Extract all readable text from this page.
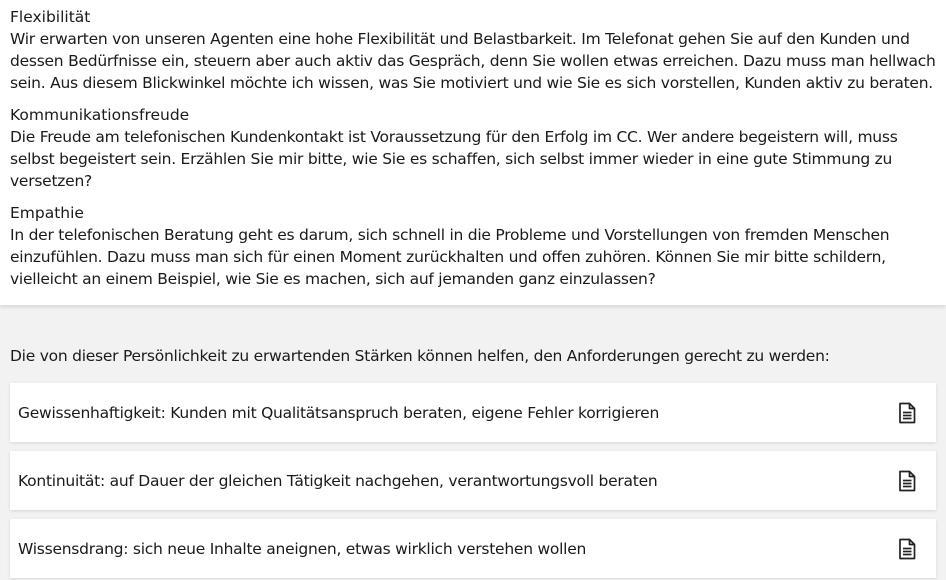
Flexibilität

Wir erwarten von unseren Agenten eine hohe Flexibilität und Belastbarkeit. Im Telefonat gehen Sie auf den Kunden und dessen Bedürfnisse ein, steuern aber auch aktiv das Gespräch, denn Sie wollen etwas erreichen. Dazu muss man hellwach sein. Aus diesem Blickwinkel möchte ich wissen, was Sie motiviert und wie Sie es sich vorstellen, Kunden aktiv zu beraten.

Kommunikationsfreude

Die Freude am telefonischen Kundenkontakt ist Voraussetzung für den Erfolg im CC. Wer andere begeistern will, muss selbst begeistert sein. Erzählen Sie mir bitte, wie Sie es schaffen, sich selbst immer wieder in eine gute Stimmung zu versetzen?

Empathie

In der telefonischen Beratung geht es darum, sich schnell in die Probleme und Vorstellungen von fremden Menschen einzufühlen. Dazu muss man sich für einen Moment zurückhalten und offen zuhören. Können Sie mir bitte schildern, vielleicht an einem Beispiel, wie Sie es machen, sich auf jemanden ganz einzulassen?

Die von dieser Persönlichkeit zu erwartenden Stärken können helfen, den Anforderungen gerecht zu werden:

Gewissenhaftigkeit: Kunden mit Qualitätsanspruch beraten, eigene Fehler korrigieren
Kontinuität: auf Dauer der gleichen Tätigkeit nachgehen, verantwortungsvoll beraten
Wissensdrang: sich neue Inhalte aneignen, etwas wirklich verstehen wollen
